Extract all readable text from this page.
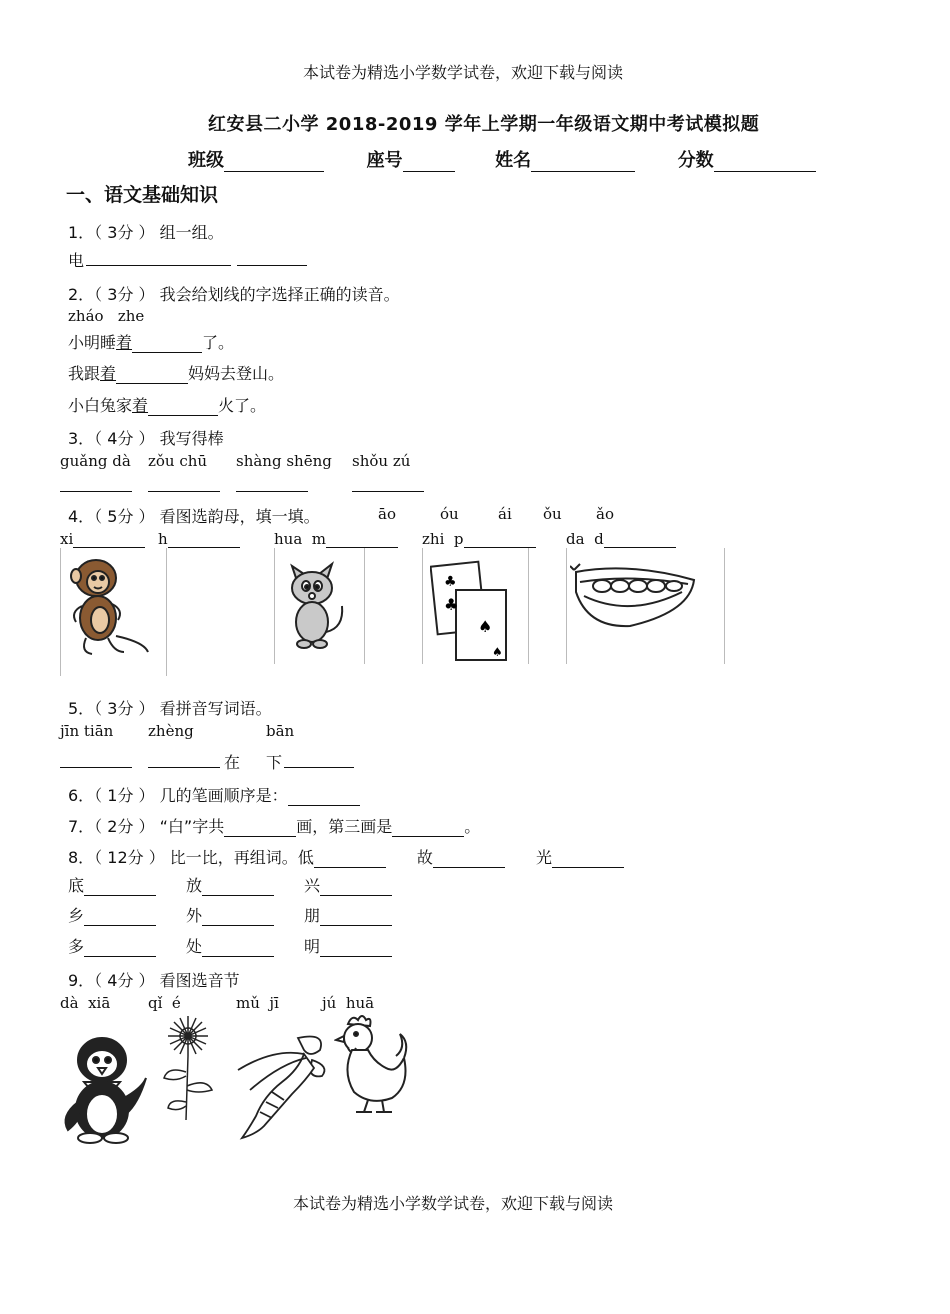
本试卷为精选小学数学试卷，欢迎下载与阅读
红安县二小学 2018-2019 学年上学期一年级语文期中考试模拟题
班级	座号	姓名	分数
一、语文基础知识
1．（ 3分 ） 组一组。
电
2．（ 3分 ） 我会给划线的字选择正确的读音。
zháo   zhe
小明睡着	了。
我跟着	妈妈去登山。
小白兔家着	火了。
3．（ 4分 ） 我写得棒
guǎng dà zǒu chū shàng shēng shǒu zú
4．（ 5分 ） 看图选韵母，填一填。	āo	óu	ái ǒu ǎo
xi	h	hua  m	zhi  p	da  d
♣
♣
♠
♠
5．（ 3分 ） 看拼音写词语。
jīn tiān zhèng	bān
在 下
6．（ 1分 ） 几的笔画顺序是：
7．（ 2分 ） “白”字共	画，第三画是	。
8．（ 12分 ） 比一比，再组词。低	故	光
底	放	兴
乡	外	朋
多	处	明
9．（ 4分 ） 看图选音节
dà  xiā	qǐ  é	mǔ  jī	jú  huā
本试卷为精选小学数学试卷，欢迎下载与阅读
